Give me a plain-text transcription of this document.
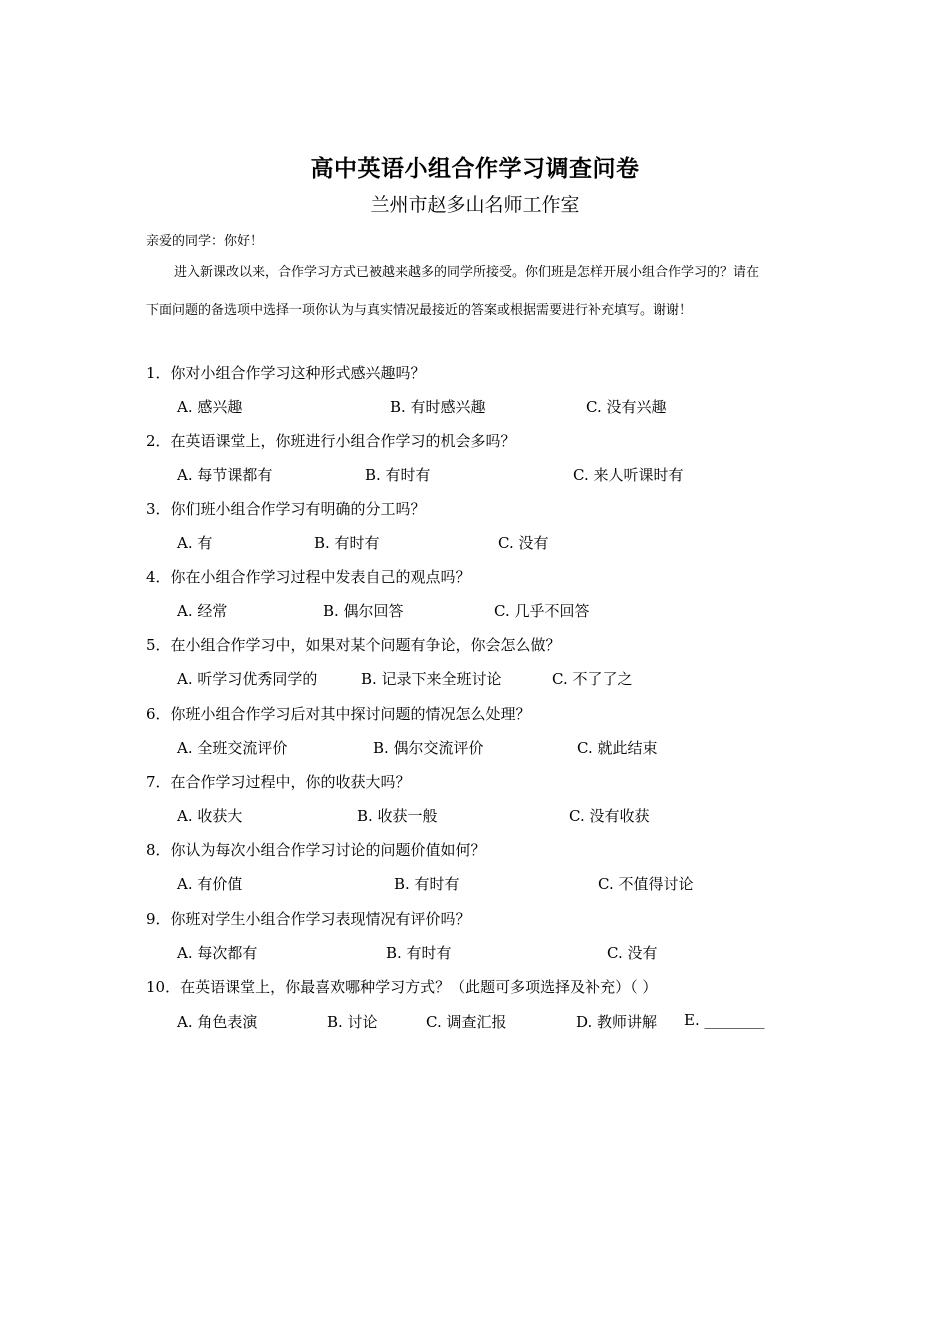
高中英语小组合作学习调查问卷
兰州市赵多山名师工作室
亲爱的同学：你好！
进入新课改以来，合作学习方式已被越来越多的同学所接受。你们班是怎样开展小组合作学习的？请在
下面问题的备选项中选择一项你认为与真实情况最接近的答案或根据需要进行补充填写。谢谢！
1．你对小组合作学习这种形式感兴趣吗？
A. 感兴趣	B. 有时感兴趣	C. 没有兴趣
2．在英语课堂上，你班进行小组合作学习的机会多吗？
A. 每节课都有	B. 有时有	C. 来人听课时有
3．你们班小组合作学习有明确的分工吗？
A. 有	B. 有时有	C. 没有
4．你在小组合作学习过程中发表自己的观点吗？
A. 经常	B. 偶尔回答	C. 几乎不回答
5．在小组合作学习中，如果对某个问题有争论，你会怎么做？
A. 听学习优秀同学的	B. 记录下来全班讨论	C. 不了了之
6．你班小组合作学习后对其中探讨问题的情况怎么处理？
A. 全班交流评价	B. 偶尔交流评价	C. 就此结束
7．在合作学习过程中，你的收获大吗？
A. 收获大	B. 收获一般	C. 没有收获
8．你认为每次小组合作学习讨论的问题价值如何？
A. 有价值	B. 有时有	C. 不值得讨论
9．你班对学生小组合作学习表现情况有评价吗？
A. 每次都有	B. 有时有	C. 没有
10．在英语课堂上，你最喜欢哪种学习方式？（此题可多项选择及补充）（ ）
A. 角色表演	B. 讨论	C. 调查汇报	D. 教师讲解 E. ________
